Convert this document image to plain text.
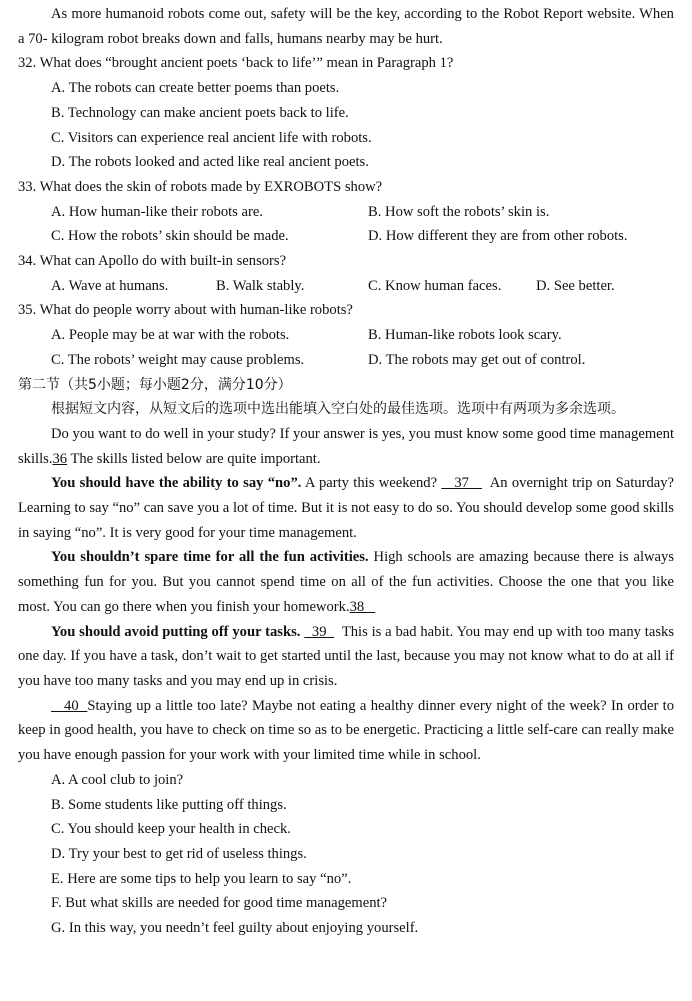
As more humanoid robots come out, safety will be the key, according to the Robot Report website. When a 70- kilogram robot breaks down and falls, humans nearby may be hurt.

32. What does “brought ancient poets ‘back to life’” mean in Paragraph 1?

A. The robots can create better poems than poets.

B. Technology can make ancient poets back to life.

C. Visitors can experience real ancient life with robots.

D. The robots looked and acted like real ancient poets.

33. What does the skin of robots made by EXROBOTS show?

A. How human-like their robots are.	B. How soft the robots’ skin is.
C. How the robots’ skin should be made.	D. How different they are from other robots.

34. What can Apollo do with built-in sensors?

A. Wave at humans.	B. Walk stably.	C. Know human faces.	D. See better.

35. What do people worry about with human-like robots?

A. People may be at war with the robots.	B. Human-like robots look scary.
C. The robots’ weight may cause problems.	D. The robots may get out of control.

第二节（共5小题；每小题2分，满分10分）

根据短文内容，从短文后的选项中选出能填入空白处的最佳选项。选项中有两项为多余选项。

Do you want to do well in your study? If your answer is yes, you must know some good time management skills.36 The skills listed below are quite important.

You should have the ability to say “no”. A party this weekend?    37     An overnight trip on Saturday? Learning to say “no” can save you a lot of time. But it is not easy to do so. You should develop some good skills in saying “no”. It is very good for your time management.

You shouldn’t spare time for all the fun activities. High schools are amazing because there is always something fun for you. But you cannot spend time on all of the fun activities. Choose the one that you like most. You can go there when you finish your homework.38

You should avoid putting off your tasks.   39    This is a bad habit. You may end up with too many tasks one day. If you have a task, don’t wait to get started until the last, because you may not know what to do at all if you have too many tasks and you may end up in crisis.

40  Staying up a little too late? Maybe not eating a healthy dinner every night of the week? In order to keep in good health, you have to check on time so as to be energetic. Practicing a little self-care can really make you have enough passion for your work with your limited time while in school.

A. A cool club to join?

B. Some students like putting off things.

C. You should keep your health in check.

D. Try your best to get rid of useless things.

E. Here are some tips to help you learn to say “no”.

F. But what skills are needed for good time management?

G. In this way, you needn’t feel guilty about enjoying yourself.
